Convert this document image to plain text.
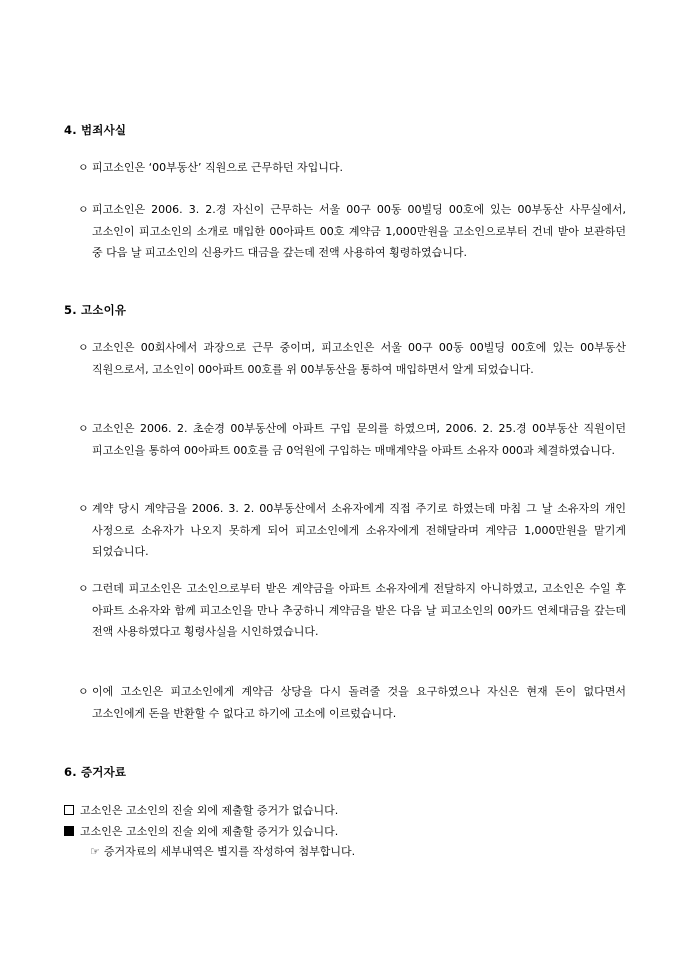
4. 범죄사실
ㅇ 피고소인은 ‘00부동산’ 직원으로 근무하던 자입니다.
ㅇ 피고소인은 2006. 3. 2.경 자신이 근무하는 서울 00구 00동 00빌딩 00호에 있는 00부동산 사무실에서, 고소인이 피고소인의 소개로 매입한 00아파트 00호 계약금 1,000만원을 고소인으로부터 건네 받아 보관하던 중 다음 날 피고소인의 신용카드 대금을 갚는데 전액 사용하여 횡령하였습니다.
5. 고소이유
ㅇ 고소인은 00회사에서 과장으로 근무 중이며, 피고소인은 서울 00구 00동 00빌딩 00호에 있는 00부동산 직원으로서, 고소인이 00아파트 00호를 위 00부동산을 통하여 매입하면서 알게 되었습니다.
ㅇ 고소인은 2006. 2. 초순경 00부동산에 아파트 구입 문의를 하였으며, 2006. 2. 25.경 00부동산 직원이던 피고소인을 통하여 00아파트 00호를 금 0억원에 구입하는 매매계약을 아파트 소유자 000과 체결하였습니다.
ㅇ 계약 당시 계약금을 2006. 3. 2. 00부동산에서 소유자에게 직접 주기로 하였는데 마침 그 날 소유자의 개인 사정으로 소유자가 나오지 못하게 되어 피고소인에게 소유자에게 전해달라며 계약금 1,000만원을 맡기게 되었습니다.
ㅇ 그런데 피고소인은 고소인으로부터 받은 계약금을 아파트 소유자에게 전달하지 아니하였고, 고소인은 수일 후 아파트 소유자와 함께 피고소인을 만나 추궁하니 계약금을 받은 다음 날 피고소인의 00카드 연체대금을 갚는데 전액 사용하였다고 횡령사실을 시인하였습니다.
ㅇ 이에 고소인은 피고소인에게 계약금 상당을 다시 돌려줄 것을 요구하였으나 자신은 현재 돈이 없다면서 고소인에게 돈을 반환할 수 없다고 하기에 고소에 이르렀습니다.
6. 증거자료
고소인은 고소인의 진술 외에 제출할 증거가 없습니다.
고소인은 고소인의 진술 외에 제출할 증거가 있습니다.
☞ 증거자료의 세부내역은 별지를 작성하여 첨부합니다.
